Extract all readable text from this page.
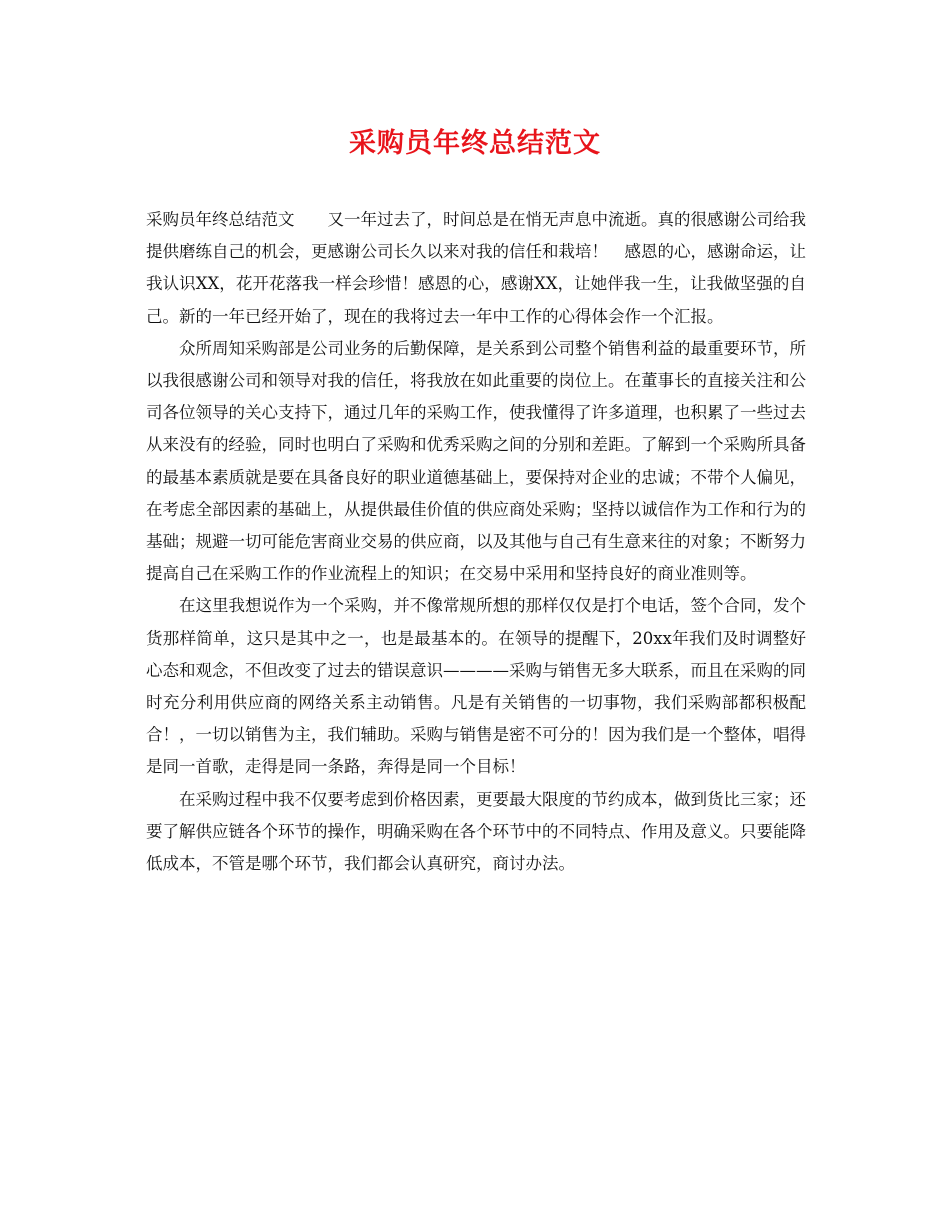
采购员年终总结范文

采购员年终总结范文　　又一年过去了，时间总是在悄无声息中流逝。真的很感谢公司给我提供磨练自己的机会，更感谢公司长久以来对我的信任和栽培！　感恩的心，感谢命运，让我认识XX，花开花落我一样会珍惜！感恩的心，感谢XX，让她伴我一生，让我做坚强的自己。新的一年已经开始了，现在的我将过去一年中工作的心得体会作一个汇报。

众所周知采购部是公司业务的后勤保障，是关系到公司整个销售利益的最重要环节，所以我很感谢公司和领导对我的信任，将我放在如此重要的岗位上。在董事长的直接关注和公司各位领导的关心支持下，通过几年的采购工作，使我懂得了许多道理，也积累了一些过去从来没有的经验，同时也明白了采购和优秀采购之间的分别和差距。了解到一个采购所具备的最基本素质就是要在具备良好的职业道德基础上，要保持对企业的忠诚；不带个人偏见，在考虑全部因素的基础上，从提供最佳价值的供应商处采购；坚持以诚信作为工作和行为的基础；规避一切可能危害商业交易的供应商，以及其他与自己有生意来往的对象；不断努力提高自己在采购工作的作业流程上的知识；在交易中采用和坚持良好的商业准则等。

在这里我想说作为一个采购，并不像常规所想的那样仅仅是打个电话，签个合同，发个货那样简单，这只是其中之一，也是最基本的。在领导的提醒下，20xx年我们及时调整好心态和观念，不但改变了过去的错误意识————采购与销售无多大联系，而且在采购的同时充分利用供应商的网络关系主动销售。凡是有关销售的一切事物，我们采购部都积极配合！，一切以销售为主，我们辅助。采购与销售是密不可分的！因为我们是一个整体，唱得是同一首歌，走得是同一条路，奔得是同一个目标！

在采购过程中我不仅要考虑到价格因素，更要最大限度的节约成本，做到货比三家；还要了解供应链各个环节的操作，明确采购在各个环节中的不同特点、作用及意义。只要能降低成本，不管是哪个环节，我们都会认真研究，商讨办法。
